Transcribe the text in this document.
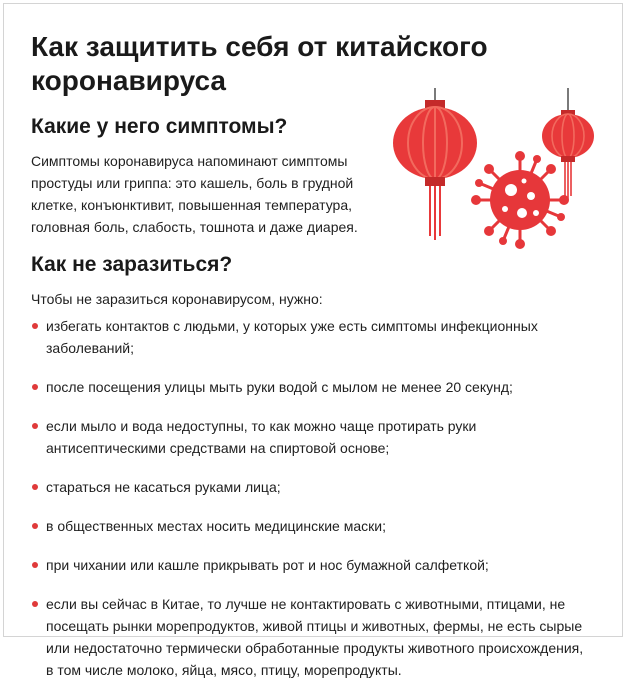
Как защитить себя от китайского коронавируса
Какие у него симптомы?

Симптомы коронавируса напоминают симптомы простуды или гриппа: это кашель, боль в грудной клетке, конъюнктивит, повышенная температура, головная боль, слабость, тошнота и даже диарея.

Как не заразиться?

Чтобы не заразиться коронавирусом, нужно:

избегать контактов с людьми, у которых уже есть симптомы инфекционных заболеваний;
после посещения улицы мыть руки водой с мылом не менее 20 секунд;
если мыло и вода недоступны, то как можно чаще протирать руки антисептическими средствами на спиртовой основе;
стараться не касаться руками лица;
в общественных местах носить медицинские маски;
при чихании или кашле прикрывать рот и нос бумажной салфеткой;
если вы сейчас в Китае, то лучше не контактировать с животными, птицами, не посещать рынки морепродуктов, живой птицы и животных, фермы, не есть сырые или недостаточно термически обработанные продукты животного происхождения, в том числе молоко, яйца, мясо, птицу, морепродукты.
